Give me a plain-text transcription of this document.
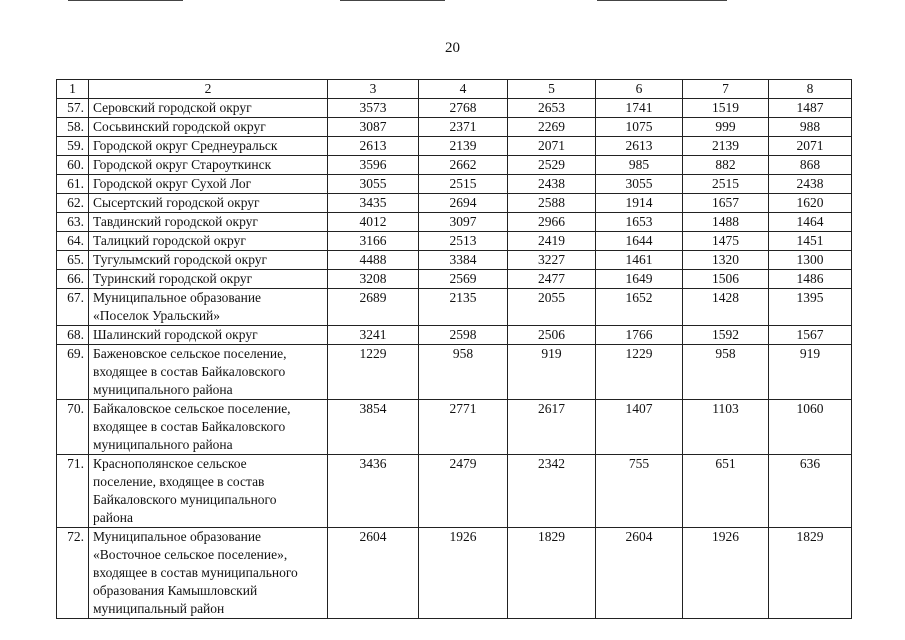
20
1	2	3	4	5	6	7	8
57.	Серовский городской округ	3573	2768	2653	1741	1519	1487
58.	Сосьвинский городской округ	3087	2371	2269	1075	999	988
59.	Городской округ Среднеуральск	2613	2139	2071	2613	2139	2071
60.	Городской округ Староуткинск	3596	2662	2529	985	882	868
61.	Городской округ Сухой Лог	3055	2515	2438	3055	2515	2438
62.	Сысертский городской округ	3435	2694	2588	1914	1657	1620
63.	Тавдинский городской округ	4012	3097	2966	1653	1488	1464
64.	Талицкий городской округ	3166	2513	2419	1644	1475	1451
65.	Тугулымский городской округ	4488	3384	3227	1461	1320	1300
66.	Туринский городской округ	3208	2569	2477	1649	1506	1486
67.	Муниципальное образование
«Поселок Уральский»	2689	2135	2055	1652	1428	1395
68.	Шалинский городской округ	3241	2598	2506	1766	1592	1567
69.	Баженовское сельское поселение,
входящее в состав Байкаловского
муниципального района	1229	958	919	1229	958	919
70.	Байкаловское сельское поселение,
входящее в состав Байкаловского
муниципального района	3854	2771	2617	1407	1103	1060
71.	Краснополянское сельское
поселение, входящее в состав
Байкаловского муниципального
района	3436	2479	2342	755	651	636
72.	Муниципальное образование
«Восточное сельское поселение»,
входящее в состав муниципального
образования Камышловский
муниципальный район	2604	1926	1829	2604	1926	1829
